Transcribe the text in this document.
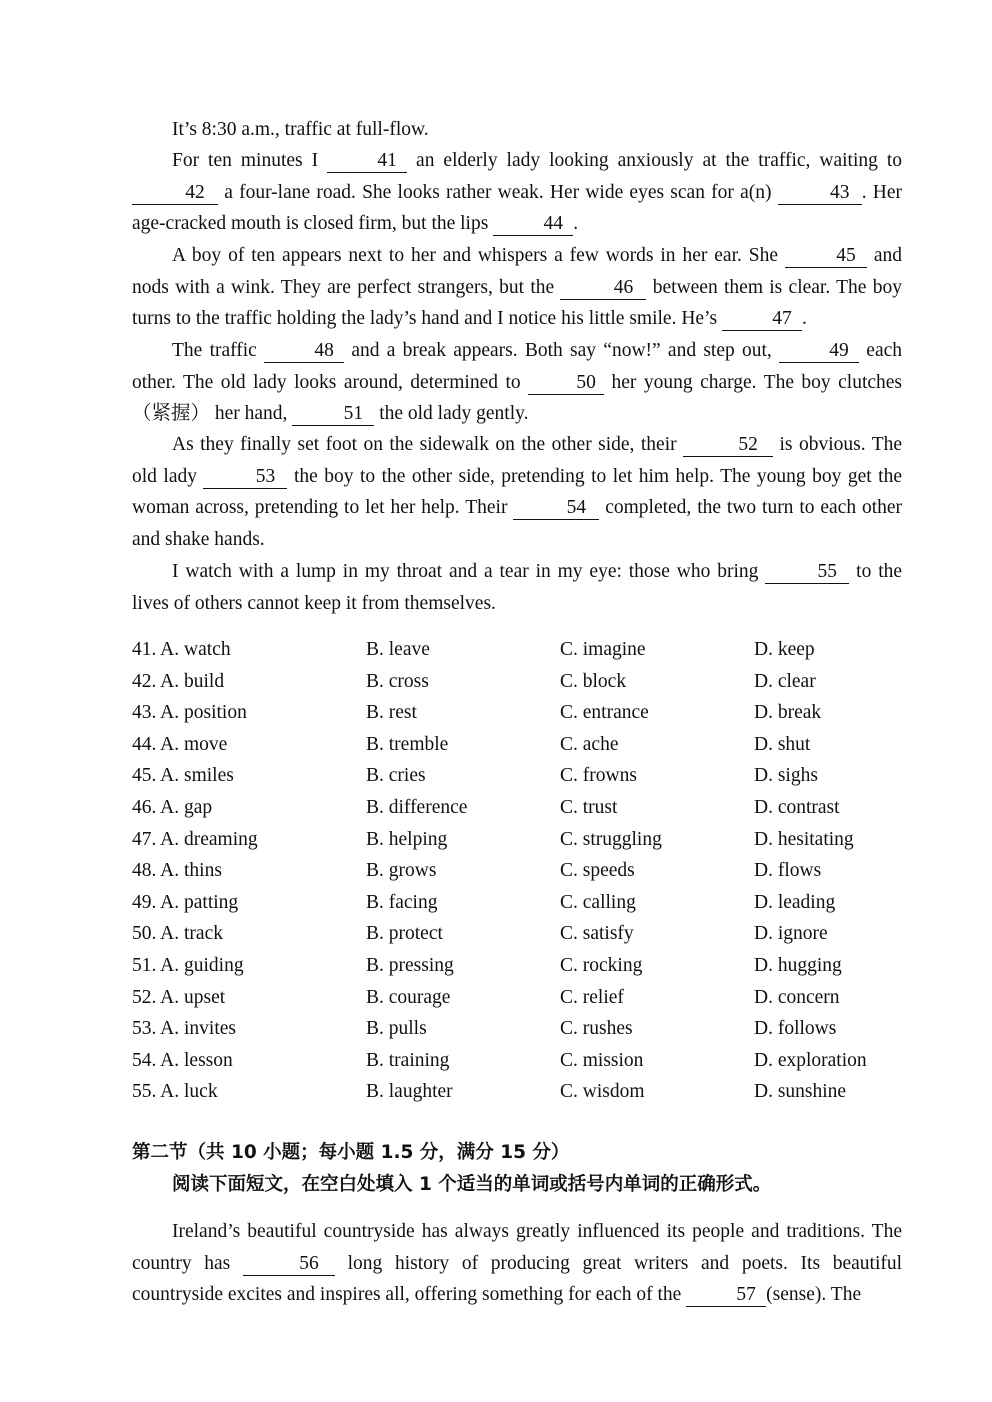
It’s 8:30 a.m., traffic at full-flow.

For ten minutes I	41 an elderly lady looking anxiously at the traffic, waiting to 42 a four-lane road. She looks rather weak. Her wide eyes scan for a(n)	43 . Her age-cracked mouth is closed firm, but the lips	44 .

A boy of ten appears next to her and whispers a few words in her ear. She	45 and nods with a wink. They are perfect strangers, but the	46 between them is clear. The boy turns to the traffic holding the lady’s hand and I notice his little smile. He’s	47 .

The traffic	48 and a break appears. Both say “now!” and step out,	49 each other. The old lady looks around, determined to	50 her young charge. The boy clutches （紧握） her hand,	51 the old lady gently.

As they finally set foot on the sidewalk on the other side, their	52 is obvious. The old lady	53 the boy to the other side, pretending to let him help. The young boy get the woman across, pretending to let her help. Their	54 completed, the two turn to each other and shake hands.

I watch with a lump in my throat and a tear in my eye: those who bring	55 to the lives of others cannot keep it from themselves.

41. A. watch	B. leave	C. imagine	D. keep
42. A. build	B. cross	C. block	D. clear
43. A. position	B. rest	C. entrance	D. break
44. A. move	B. tremble	C. ache	D. shut
45. A. smiles	B. cries	C. frowns	D. sighs
46. A. gap	B. difference	C. trust	D. contrast
47. A. dreaming	B. helping	C. struggling	D. hesitating
48. A. thins	B. grows	C. speeds	D. flows
49. A. patting	B. facing	C. calling	D. leading
50. A. track	B. protect	C. satisfy	D. ignore
51. A. guiding	B. pressing	C. rocking	D. hugging
52. A. upset	B. courage	C. relief	D. concern
53. A. invites	B. pulls	C. rushes	D. follows
54. A. lesson	B. training	C. mission	D. exploration
55. A. luck	B. laughter	C. wisdom	D. sunshine
第二节（共 10 小题；每小题 1.5 分，满分 15 分）
阅读下面短文，在空白处填入 1 个适当的单词或括号内单词的正确形式。

Ireland’s beautiful countryside has always greatly influenced its people and traditions. The country has	56 long history of producing great writers and poets. Its beautiful countryside excites and inspires all, offering something for each of the	57 (sense). The
